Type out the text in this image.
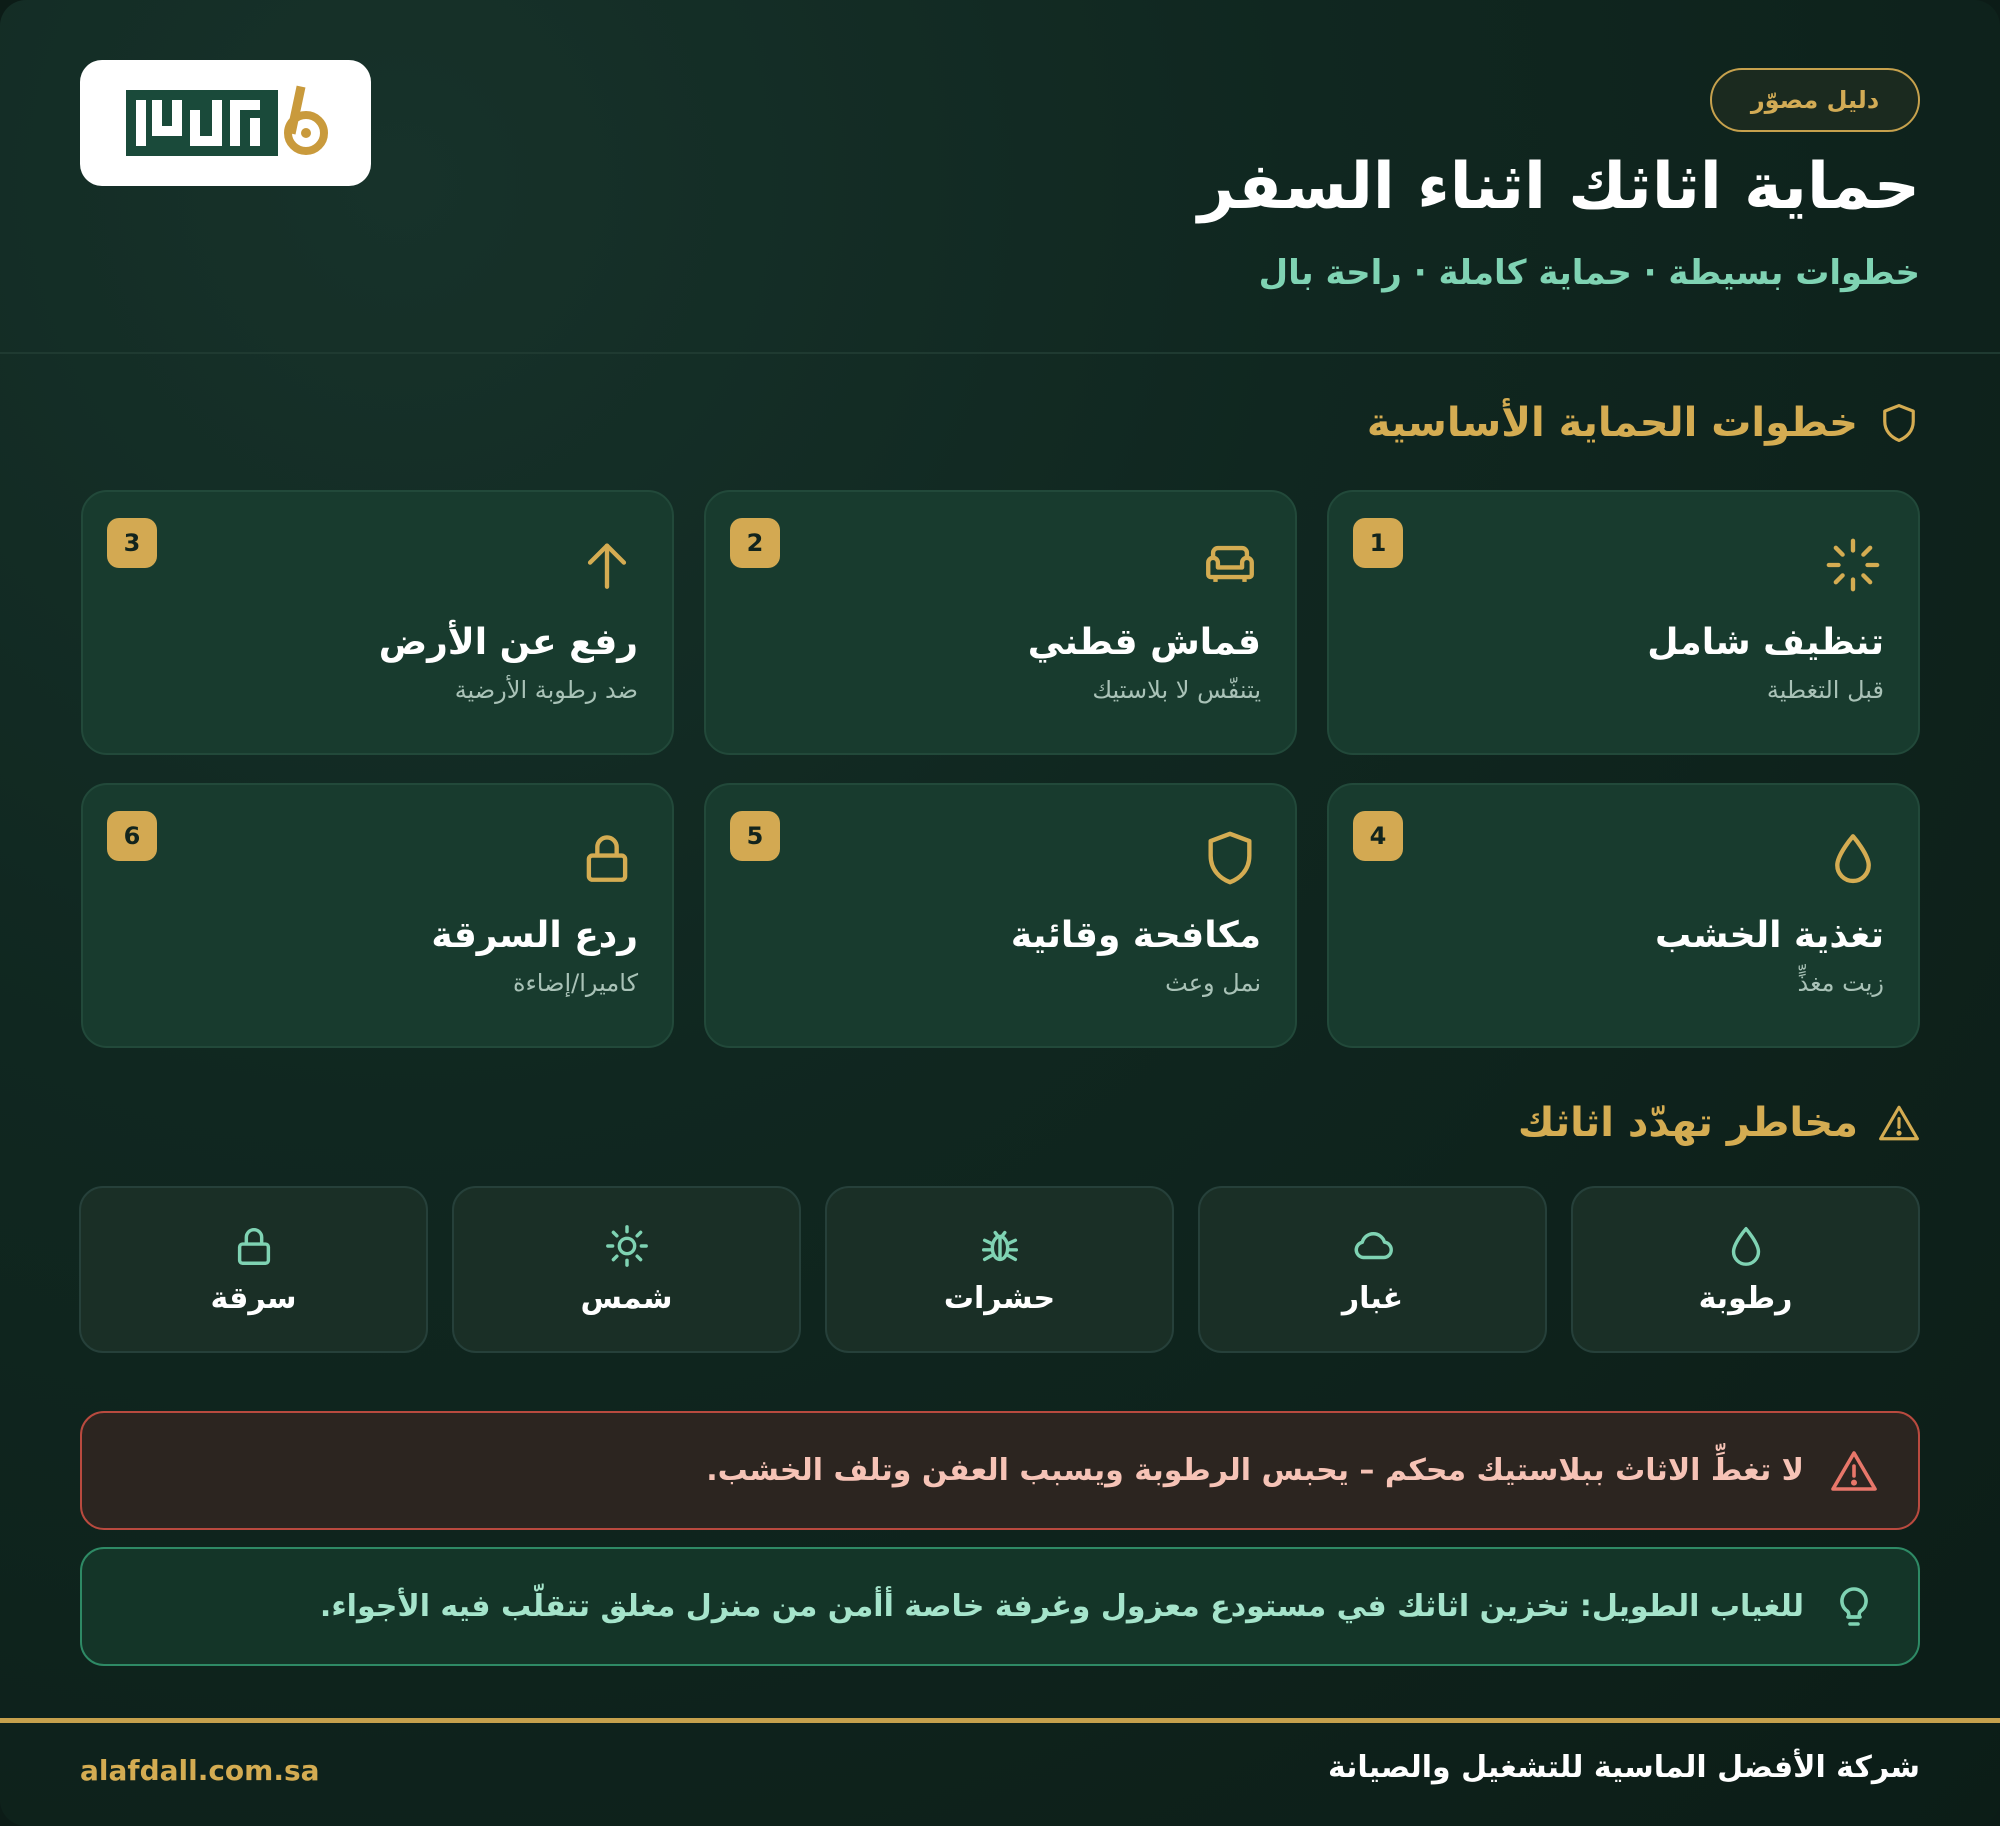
دليل مصوّر
حماية اثاثك اثناء السفر
خطوات بسيطة · حماية كاملة · راحة بال
خطوات الحماية الأساسية
1
تنظيف شامل
قبل التغطية
2
قماش قطني
يتنفّس لا بلاستيك
3
رفع عن الأرض
ضد رطوبة الأرضية
4
تغذية الخشب
زيت مغذٍّ
5
مكافحة وقائية
نمل وعث
6
ردع السرقة
كاميرا/إضاءة
مخاطر تهدّد اثاثك
رطوبة
غبار
حشرات
شمس
سرقة
لا تغطِّ الاثاث ببلاستيك محكم – يحبس الرطوبة ويسبب العفن وتلف الخشب.
للغياب الطويل: تخزين اثاثك في مستودع معزول وغرفة خاصة أأمن من منزل مغلق تتقلّب فيه الأجواء.
alafdall.com.sa	شركة الأفضل الماسية للتشغيل والصيانة
